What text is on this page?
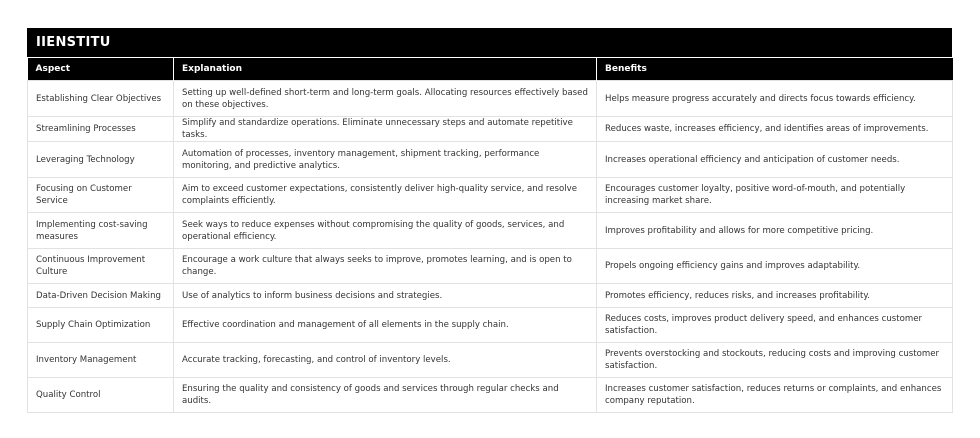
IIENSTITU
Aspect	Explanation	Benefits
Establishing Clear Objectives	Setting up well-defined short-term and long-term goals. Allocating resources effectively based on these objectives.	Helps measure progress accurately and directs focus towards efficiency.
Streamlining Processes	Simplify and standardize operations. Eliminate unnecessary steps and automate repetitive tasks.	Reduces waste, increases efficiency, and identifies areas of improvements.
Leveraging Technology	Automation of processes, inventory management, shipment tracking, performance monitoring, and predictive analytics.	Increases operational efficiency and anticipation of customer needs.
Focusing on Customer Service	Aim to exceed customer expectations, consistently deliver high-quality service, and resolve complaints efficiently.	Encourages customer loyalty, positive word-of-mouth, and potentially increasing market share.
Implementing cost-saving measures	Seek ways to reduce expenses without compromising the quality of goods, services, and operational efficiency.	Improves profitability and allows for more competitive pricing.
Continuous Improvement Culture	Encourage a work culture that always seeks to improve, promotes learning, and is open to change.	Propels ongoing efficiency gains and improves adaptability.
Data-Driven Decision Making	Use of analytics to inform business decisions and strategies.	Promotes efficiency, reduces risks, and increases profitability.
Supply Chain Optimization	Effective coordination and management of all elements in the supply chain.	Reduces costs, improves product delivery speed, and enhances customer satisfaction.
Inventory Management	Accurate tracking, forecasting, and control of inventory levels.	Prevents overstocking and stockouts, reducing costs and improving customer satisfaction.
Quality Control	Ensuring the quality and consistency of goods and services through regular checks and audits.	Increases customer satisfaction, reduces returns or complaints, and enhances company reputation.
